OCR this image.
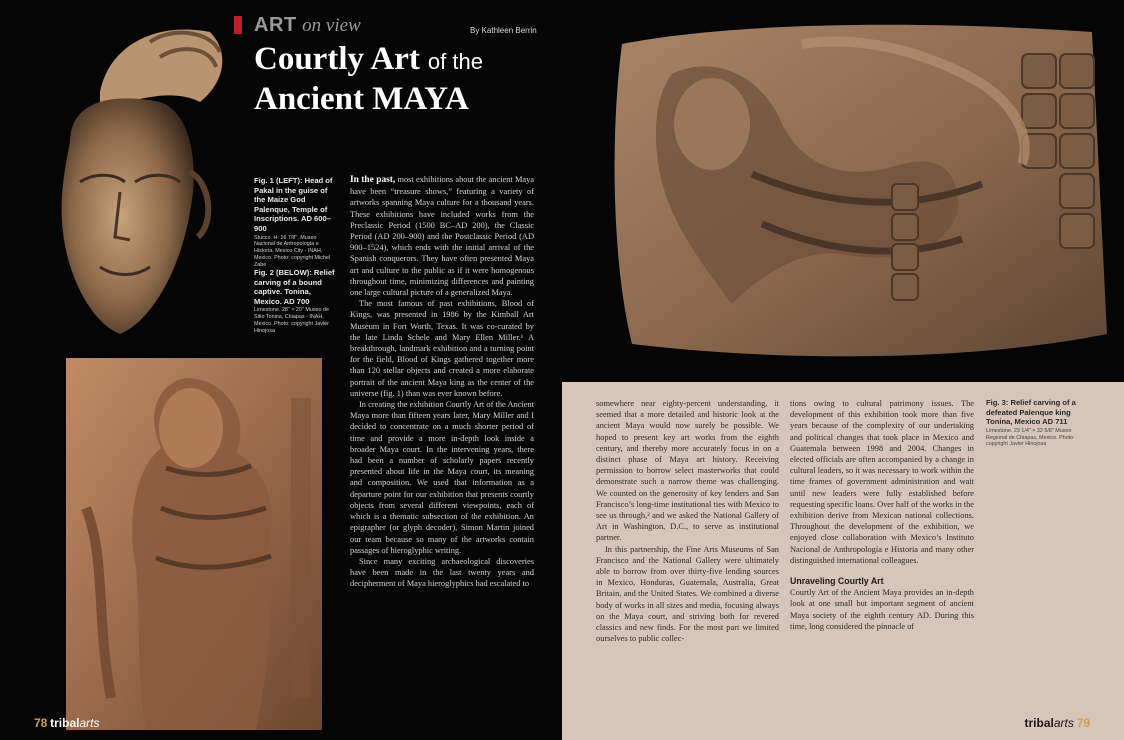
ART on view	By Kathleen Berrin
Courtly Art of the
Ancient MAYA
Fig. 1 (LEFT): Head of Pakal in the guise of the Maize God Palenque, Temple of Inscriptions. AD 600–900
Stucco. H: 16 7/8". Museo Nacional de Antropología e Historia, Mexico City - INAH, Mexico. Photo: copyright Michel Zabé
Fig. 2 (BELOW): Relief carving of a bound captive. Tonina, Mexico. AD 700
Limestone. 28" × 20" Museo de Sitio Tonina, Chiapas - INAH, Mexico. Photo: copyright Javier Hinojosa

In the past, most exhibitions about the ancient Maya have been “treasure shows,” featuring a variety of artworks spanning Maya culture for a thousand years. These exhibitions have included works from the Preclassic Period (1500 BC–AD 200), the Classic Period (AD 200–900) and the Postclassic Period (AD 900–1524), which ends with the initial arrival of the Spanish conquerors. They have often presented Maya art and culture to the public as if it were homogenous throughout time, minimizing differences and painting one large cultural picture of a generalized Maya.

The most famous of past exhibitions, Blood of Kings, was presented in 1986 by the Kimball Art Museum in Fort Worth, Texas. It was co-curated by the late Linda Schele and Mary Ellen Miller.¹ A breakthrough, landmark exhibition and a turning point for the field, Blood of Kings gathered together more than 120 stellar objects and created a more elaborate portrait of the ancient Maya king as the center of the universe (fig. 1) than was ever known before.

In creating the exhibition Courtly Art of the Ancient Maya more than fifteen years later, Mary Miller and I decided to concentrate on a much shorter period of time and provide a more in-depth look inside a broader Maya court. In the intervening years, there had been a number of scholarly papers recently presented about life in the Maya court, its meaning and composition. We used that information as a departure point for our exhibition that presents courtly objects from several different viewpoints, each of which is a thematic subsection of the exhibition. An epigrapher (or glyph decoder), Simon Martin joined our team because so many of the artworks contain passages of hieroglyphic writing.

Since many exciting archaeological discoveries have been made in the last twenty years and decipherment of Maya hieroglyphics had escalated to

78 tribalarts

somewhere near eighty-percent understanding, it seemed that a more detailed and historic look at the ancient Maya would now surely be possible. We hoped to present key art works from the eighth century, and thereby more accurately focus in on a distinct phase of Maya art history. Receiving permission to borrow select masterworks that could demonstrate such a narrow theme was challenging. We counted on the generosity of key lenders and San Francisco’s long-time institutional ties with Mexico to see us through,² and we asked the National Gallery of Art in Washington, D.C., to serve as institutional partner.

In this partnership, the Fine Arts Museums of San Francisco and the National Gallery were ultimately able to borrow from over thirty-five lending sources in Mexico, Honduras, Guatemala, Australia, Great Britain, and the United States. We combined a diverse body of works in all sizes and media, focusing always on the Maya court, and striving both for revered classics and new finds. For the most part we limited ourselves to public collec-

tions owing to cultural patrimony issues. The development of this exhibition took more than five years because of the complexity of our undertaking and political changes that took place in Mexico and Guatemala between 1998 and 2004. Changes in elected officials are often accompanied by a change in cultural leaders, so it was necessary to work within the time frames of government administration and wait until new leaders were fully established before requesting specific loans. Over half of the works in the exhibition derive from Mexican national collections. Throughout the development of the exhibition, we enjoyed close collaboration with Mexico’s Instituto Nacional de Anthropología e Historia and many other distinguished international colleagues.

Unraveling Courtly Art

Courtly Art of the Ancient Maya provides an in-depth look at one small but important segment of ancient Maya society of the eighth century AD. During this time, long considered the pinnacle of

Fig. 3: Relief carving of a defeated Palenque king Tonina, Mexico AD 711
Limestone. 23 1/4" × 32 5/8" Museo Regional de Chiapas, Mexico. Photo: copyright Javier Hinojosa
tribalarts 79
